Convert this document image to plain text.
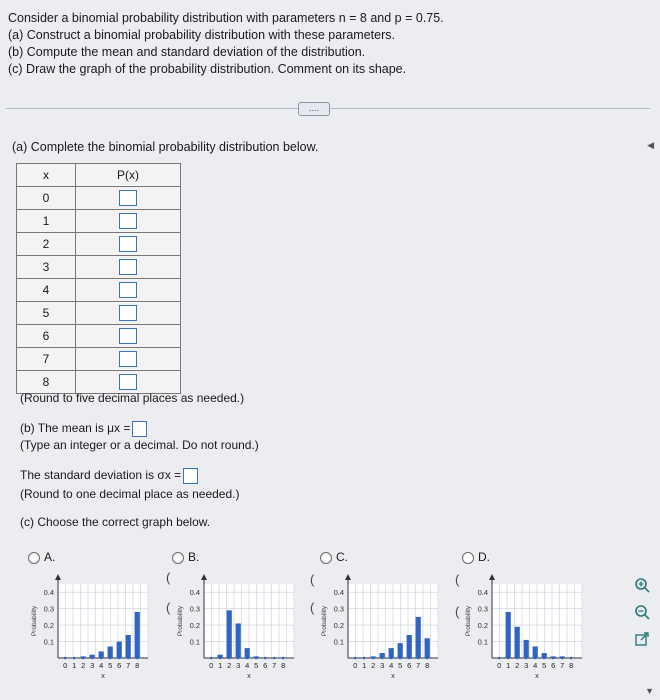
Consider a binomial probability distribution with parameters n = 8 and p = 0.75.
(a) Construct a binomial probability distribution with these parameters.
(b) Compute the mean and standard deviation of the distribution.
(c) Draw the graph of the probability distribution. Comment on its shape.
....
(a) Complete the binomial probability distribution below.
x	P(x)
0	
1	
2	
3	
4	
5	
6	
7	
8	
(Round to five decimal places as needed.)
(b) The mean is μx =
(Type an integer or a decimal. Do not round.)
The standard deviation is σx =
(Round to one decimal place as needed.)
(c) Choose the correct graph below.
A.	B.	C.	D.
(
(
(
(
(
(
0.1
0.2
0.3
0.4
Probability
0 1 2 3 4 5 6 7 8
x
0.1
0.2
0.3
0.4
Probability
0 1 2 3 4 5 6 7 8
x
0.1
0.2
0.3
0.4
Probability
0 1 2 3 4 5 6 7 8
x
0.1
0.2
0.3
0.4
Probability
0 1 2 3 4 5 6 7 8
x
◀
▼
